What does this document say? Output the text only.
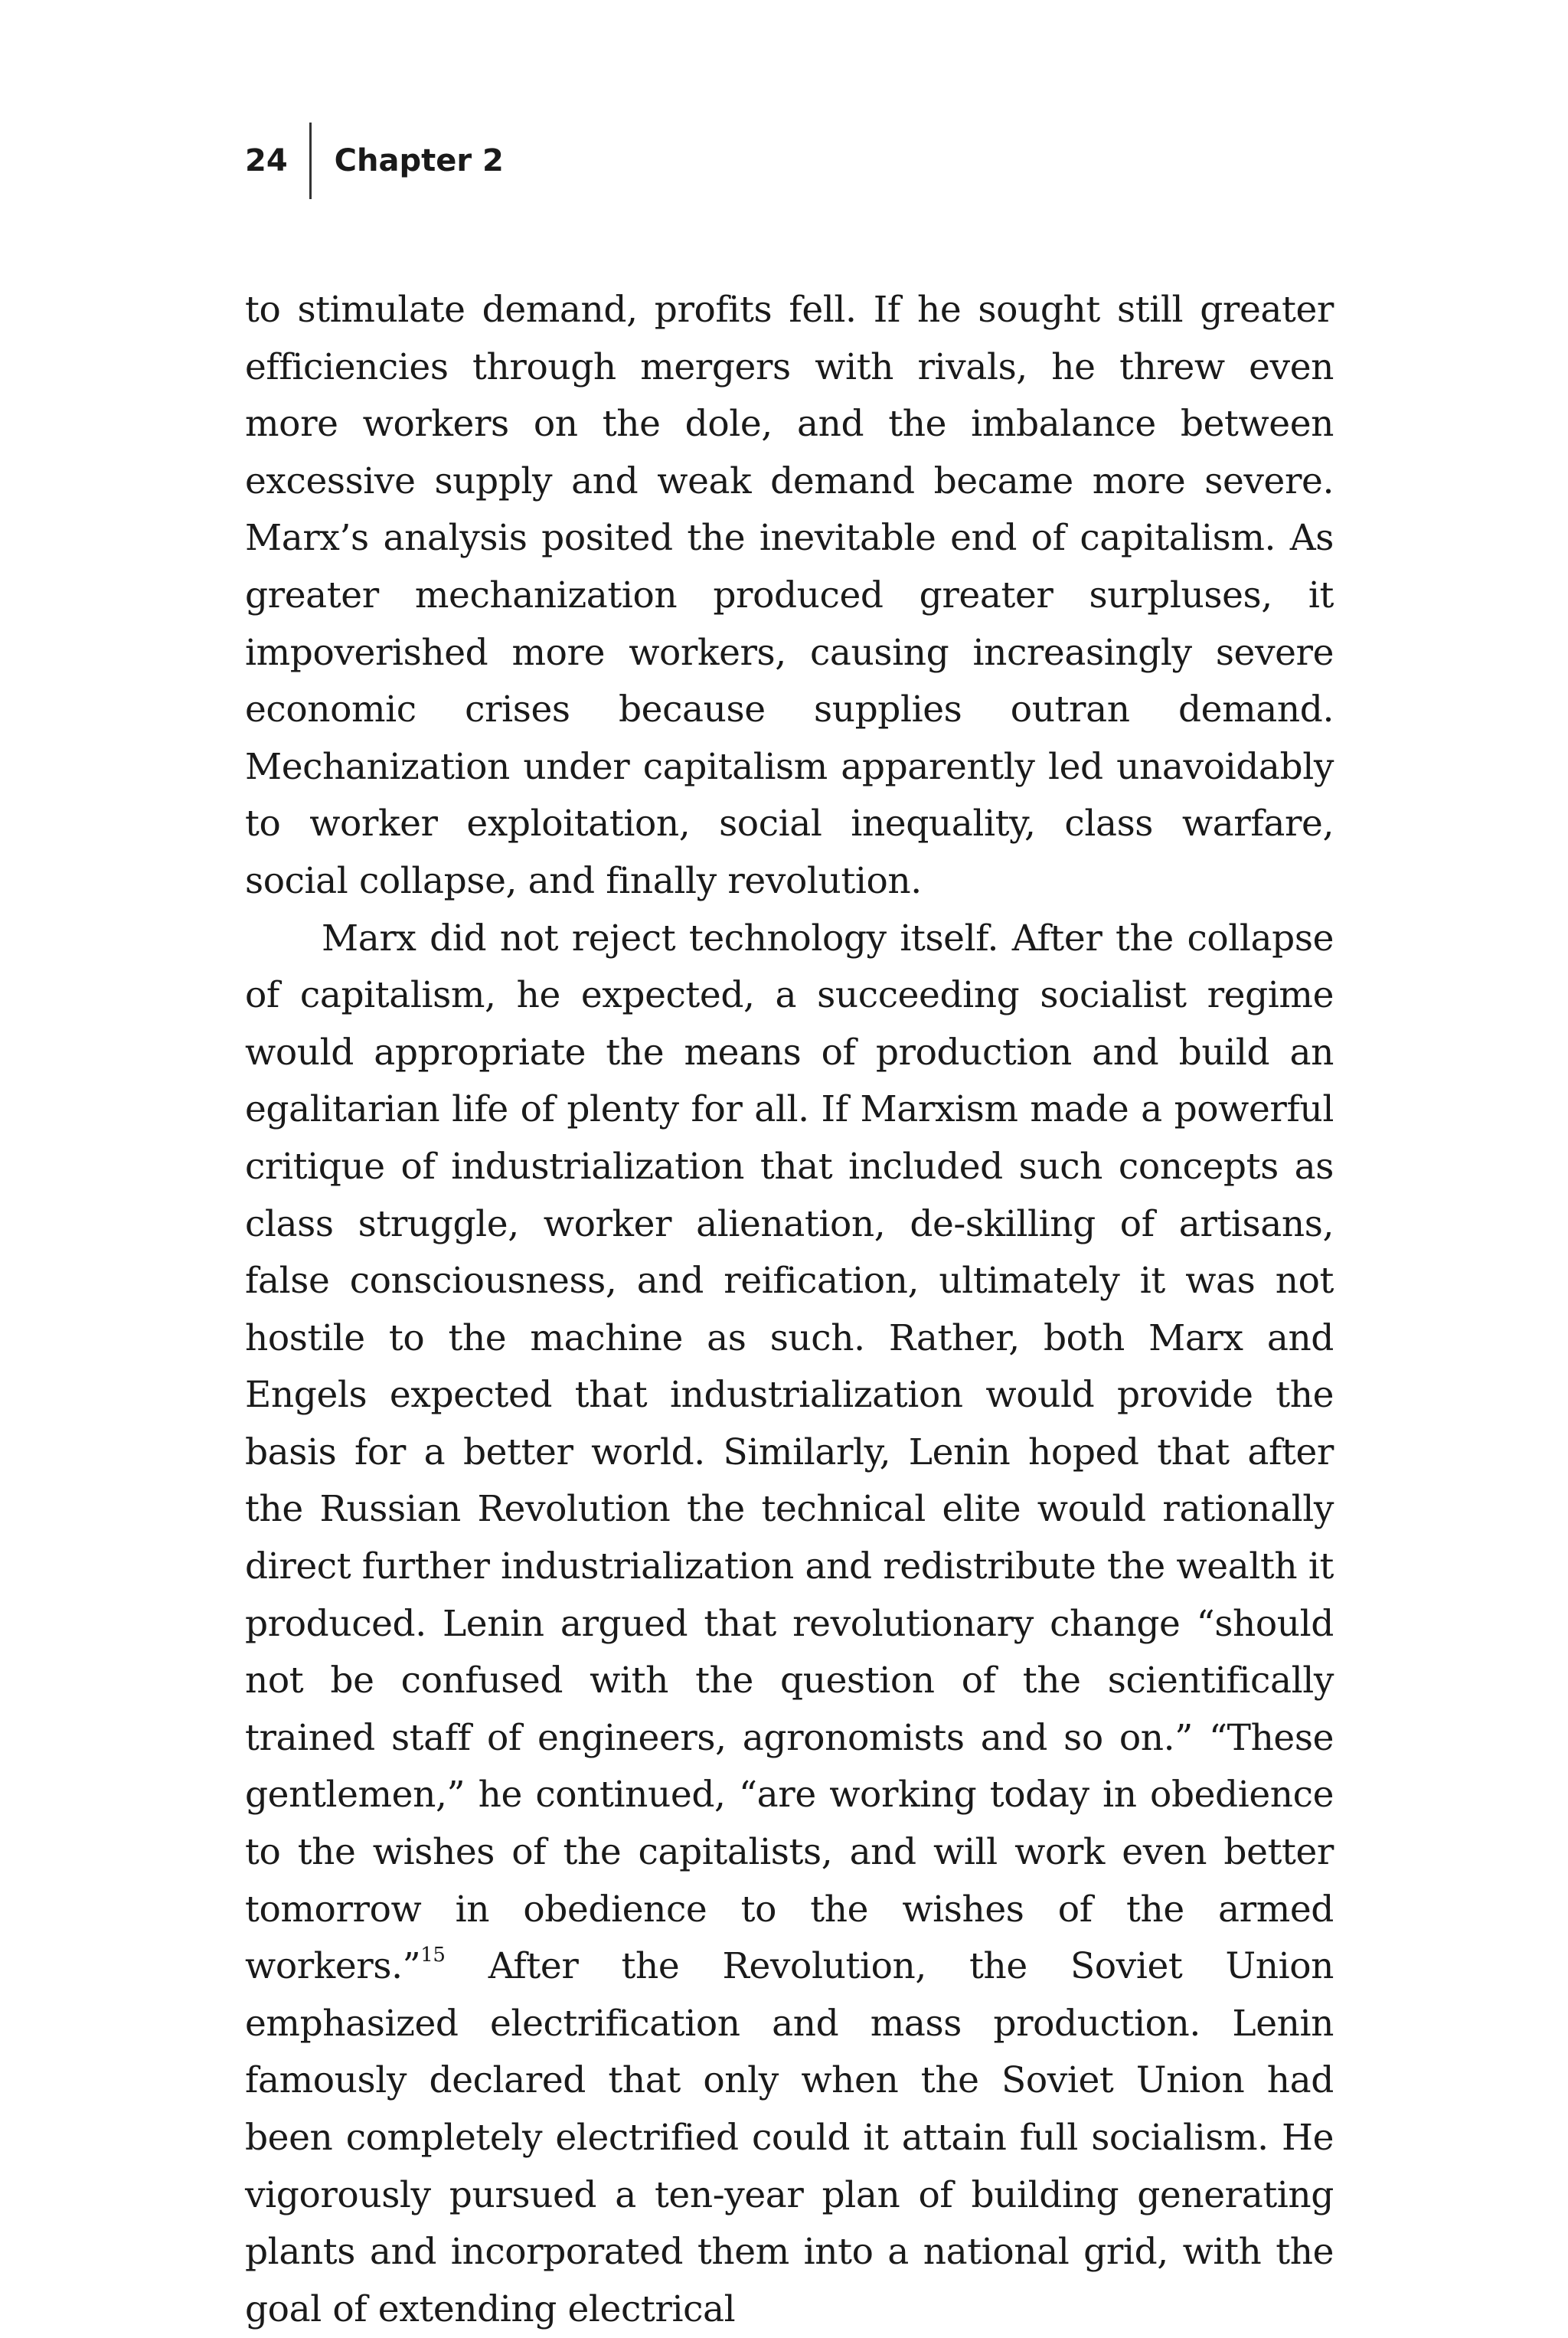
24	Chapter 2

to stimulate demand, profits fell. If he sought still greater efficiencies through mergers with rivals, he threw even more workers on the dole, and the imbalance between excessive supply and weak demand became more severe. Marx’s analysis posited the inevitable end of capitalism. As greater mechanization produced greater surpluses, it impoverished more workers, causing increasingly severe economic crises because supplies outran demand. Mechanization under capitalism apparently led unavoidably to worker exploitation, social inequality, class warfare, social collapse, and finally revolution.

Marx did not reject technology itself. After the collapse of capitalism, he expected, a succeeding socialist regime would appropriate the means of production and build an egalitarian life of plenty for all. If Marxism made a powerful critique of industrialization that included such concepts as class struggle, worker alienation, de-skilling of artisans, false consciousness, and reification, ultimately it was not hostile to the machine as such. Rather, both Marx and Engels expected that industrialization would provide the basis for a better world. Similarly, Lenin hoped that after the Russian Revolution the technical elite would rationally direct further industrialization and redistribute the wealth it produced. Lenin argued that revolutionary change “should not be confused with the question of the scientifically trained staff of engineers, agronomists and so on.” “These gentlemen,” he continued, “are working today in obedience to the wishes of the capitalists, and will work even better tomorrow in obedience to the wishes of the armed workers.”$^{15}$ After the Revolution, the Soviet Union emphasized electrification and mass production. Lenin famously declared that only when the Soviet Union had been completely electrified could it attain full socialism. He vigorously pursued a ten-year plan of building generating plants and incorporated them into a national grid, with the goal of extending electrical
